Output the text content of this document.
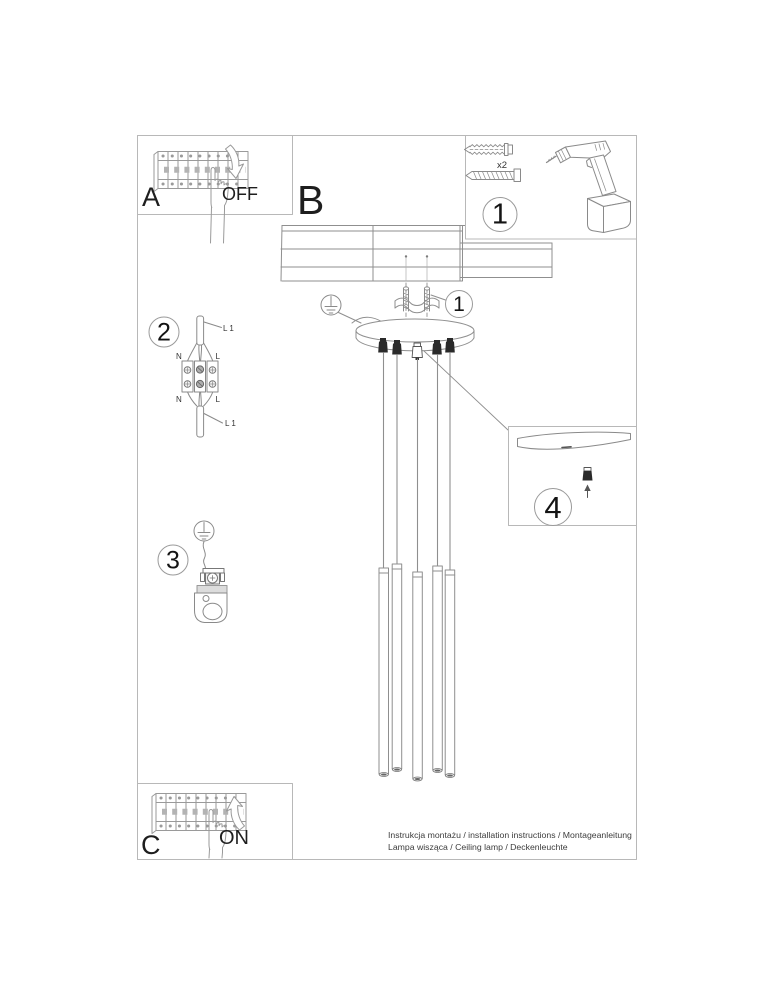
A	OFF B
C	ON
1
1
2
3
4
x2
L 1
N	L
N	L
L 1
Instrukcja montażu / installation instructions / Montageanleitung
Lampa wisząca / Ceiling lamp / Deckenleuchte
